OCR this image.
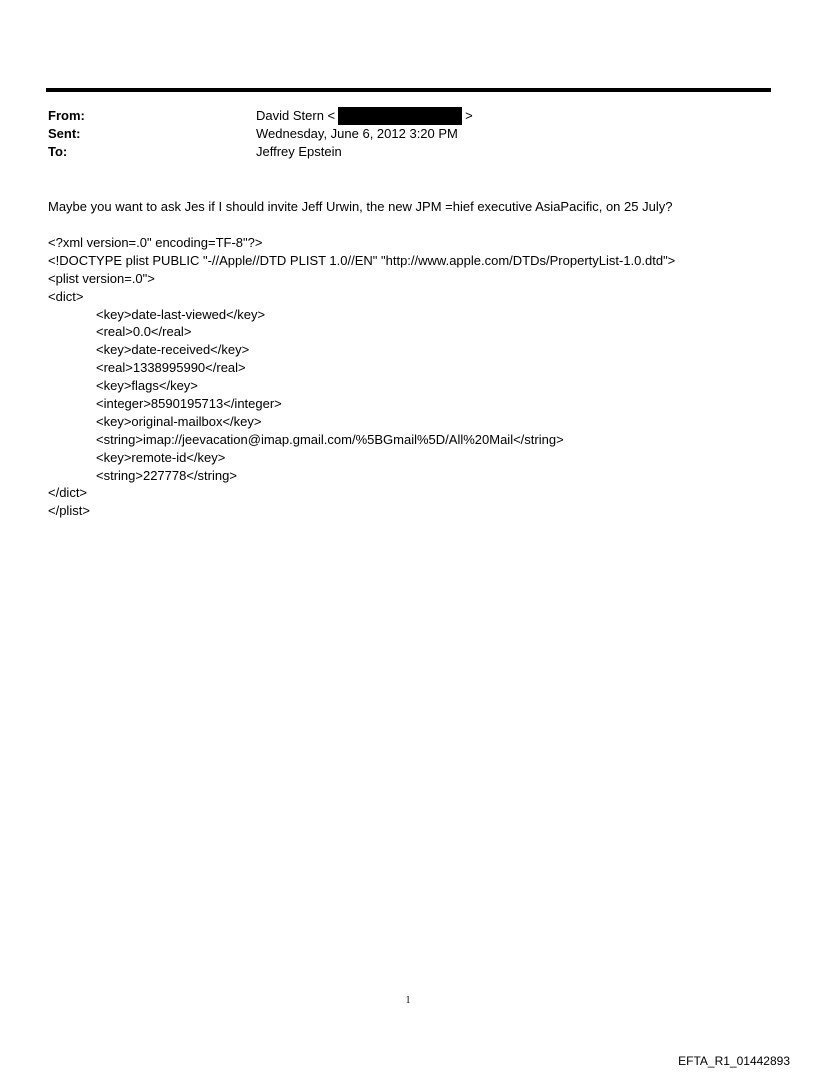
From:	David Stern <	>
Sent:	Wednesday, June 6, 2012 3:20 PM
To:	Jeffrey Epstein
Maybe you want to ask Jes if I should invite Jeff Urwin, the new JPM =hief executive AsiaPacific, on 25 July?
<?xml version=.0" encoding=TF-8"?>
<!DOCTYPE plist PUBLIC "-//Apple//DTD PLIST 1.0//EN" "http://www.apple.com/DTDs/PropertyList-1.0.dtd">
<plist version=.0">
<dict>
<key>date-last-viewed</key>
<real>0.0</real>
<key>date-received</key>
<real>1338995990</real>
<key>flags</key>
<integer>8590195713</integer>
<key>original-mailbox</key>
<string>imap://jeevacation@imap.gmail.com/%5BGmail%5D/All%20Mail</string>
<key>remote-id</key>
<string>227778</string>
</dict>
</plist>
1
EFTA_R1_01442893
